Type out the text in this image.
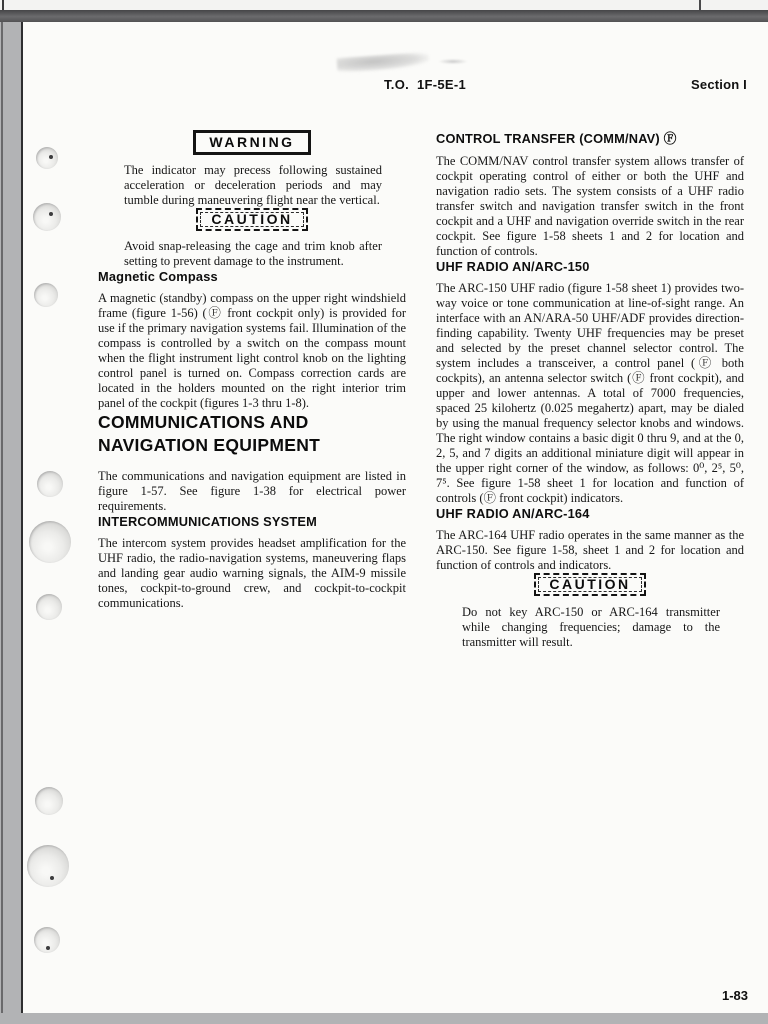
T.O. 1F-5E-1	Section I
WARNING

The indicator may precess following sustained acceleration or deceleration periods and may tumble during maneuvering flight near the vertical.

CAUTION

Avoid snap-releasing the cage and trim knob after setting to prevent damage to the instrument.

Magnetic Compass

A magnetic (standby) compass on the upper right windshield frame (figure 1-56) (Ⓕ front cockpit only) is provided for use if the primary navigation systems fail. Illumination of the compass is controlled by a switch on the compass mount when the flight instrument light control knob on the lighting control panel is turned on. Compass correction cards are located in the holders mounted on the right interior trim panel of the cockpit (figures 1-3 thru 1-8).

COMMUNICATIONS AND
NAVIGATION EQUIPMENT

The communications and navigation equipment are listed in figure 1-57. See figure 1-38 for electrical power requirements.

INTERCOMMUNICATIONS SYSTEM

The intercom system provides headset amplification for the UHF radio, the radio-navigation systems, maneuvering flaps and landing gear audio warning signals, the AIM-9 missile tones, cockpit-to-ground crew, and cockpit-to-cockpit communications.

CONTROL TRANSFER (COMM/NAV) Ⓕ

The COMM/NAV control transfer system allows transfer of cockpit operating control of either or both the UHF and navigation radio sets. The system consists of a UHF radio transfer switch and navigation transfer switch in the front cockpit and a UHF and navigation override switch in the rear cockpit. See figure 1-58 sheets 1 and 2 for location and function of controls.

UHF RADIO AN/ARC-150

The ARC-150 UHF radio (figure 1-58 sheet 1) provides two-way voice or tone communication at line-of-sight range. An interface with an AN/ARA-50 UHF/ADF provides direction-finding capability. Twenty UHF frequencies may be preset and selected by the preset channel selector control. The system includes a transceiver, a control panel (Ⓕ both cockpits), an antenna selector switch (Ⓕ front cockpit), and upper and lower antennas. A total of 7000 frequencies, spaced 25 kilohertz (0.025 megahertz) apart, may be dialed by using the manual frequency selector knobs and windows. The right window contains a basic digit 0 thru 9, and at the 0, 2, 5, and 7 digits an additional miniature digit will appear in the upper right corner of the window, as follows: 0⁰, 2⁵, 5⁰, 7⁵. See figure 1-58 sheet 1 for location and function of controls (Ⓕ front cockpit) indicators.

UHF RADIO AN/ARC-164

The ARC-164 UHF radio operates in the same manner as the ARC-150. See figure 1-58, sheet 1 and 2 for location and function of controls and indicators.

CAUTION

Do not key ARC-150 or ARC-164 transmitter while changing frequencies; damage to the transmitter will result.

1-83
